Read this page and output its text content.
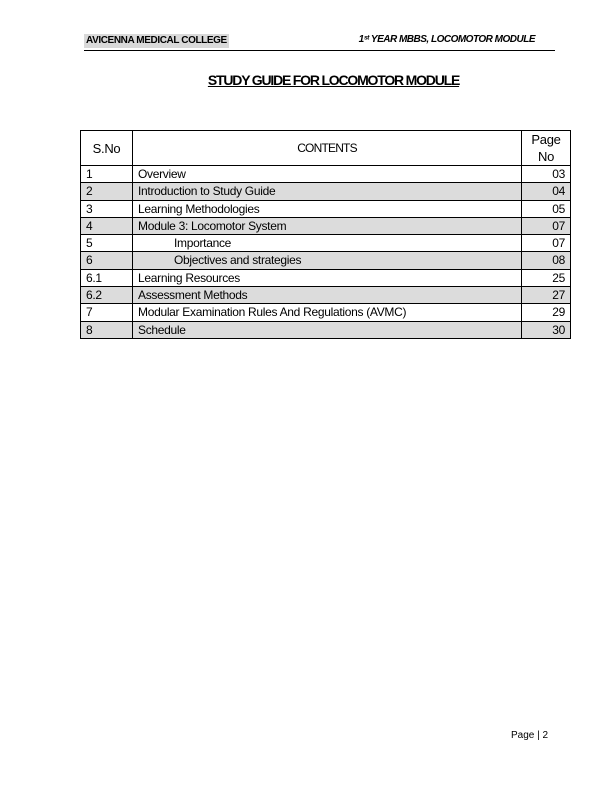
AVICENNA MEDICAL COLLEGE	1ˢᵗ YEAR MBBS, LOCOMOTOR MODULE
STUDY GUIDE FOR LOCOMOTOR MODULE
S.No	CONTENTS	Page
No
1	Overview	03
2	Introduction to Study Guide	04
3	Learning Methodologies	05
4	Module 3: Locomotor System	07
5	Importance	07
6	Objectives and strategies	08
6.1	Learning Resources	25
6.2	Assessment Methods	27
7	Modular Examination Rules And Regulations (AVMC)	29
8	Schedule	30
Page | 2
